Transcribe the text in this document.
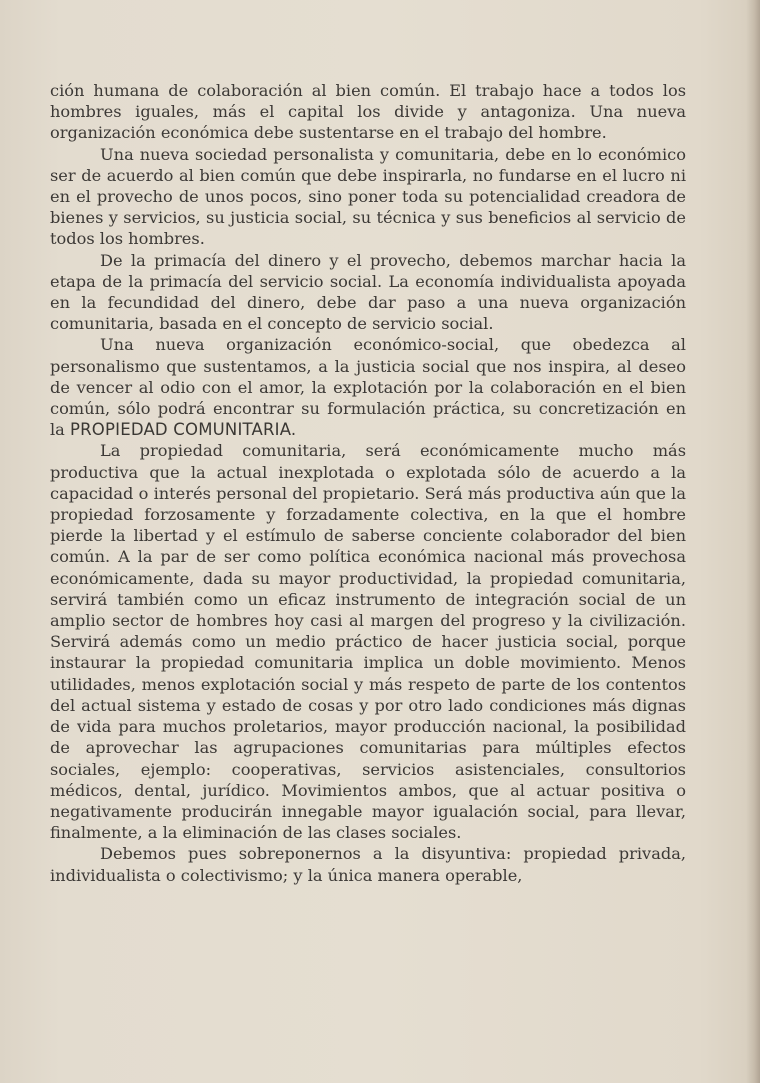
ción humana de colaboración al bien común. El trabajo hace a todos los hombres iguales, más el capital los divide y antagoniza. Una nueva organización económica debe sustentarse en el trabajo del hombre.

Una nueva sociedad personalista y comunitaria, debe en lo económico ser de acuerdo al bien común que debe inspirarla, no fundarse en el lucro ni en el provecho de unos pocos, sino poner toda su potencialidad creadora de bienes y servicios, su justicia social, su técnica y sus beneficios al servicio de todos los hombres.

De la primacía del dinero y el provecho, debemos marchar hacia la etapa de la primacía del servicio social. La economía individualista apoyada en la fecundidad del dinero, debe dar paso a una nueva organización comunitaria, basada en el concepto de servicio social.

Una nueva organización económico-social, que obedezca al personalismo que sustentamos, a la justicia social que nos inspira, al deseo de vencer al odio con el amor, la explotación por la colaboración en el bien común, sólo podrá encontrar su formulación práctica, su concretización en la PROPIEDAD COMUNITARIA.

La propiedad comunitaria, será económicamente mucho más productiva que la actual inexplotada o explotada sólo de acuerdo a la capacidad o interés personal del propietario. Será más productiva aún que la propiedad forzosamente y forzadamente colectiva, en la que el hombre pierde la libertad y el estímulo de saberse conciente colaborador del bien común. A la par de ser como política económica nacional más provechosa económicamente, dada su mayor productividad, la propiedad comunitaria, servirá también como un eficaz instrumento de integración social de un amplio sector de hombres hoy casi al margen del progreso y la civilización. Servirá además como un medio práctico de hacer justicia social, porque instaurar la propiedad comunitaria implica un doble movimiento. Menos utilidades, menos explotación social y más respeto de parte de los contentos del actual sistema y estado de cosas y por otro lado condiciones más dignas de vida para muchos proletarios, mayor producción nacional, la posibilidad de aprovechar las agrupaciones comunitarias para múltiples efectos sociales, ejemplo: cooperativas, servicios asistenciales, consultorios médicos, dental, jurídico. Movimientos ambos, que al actuar positiva o negativamente producirán innegable mayor igualación social, para llevar, finalmente, a la eliminación de las clases sociales.

Debemos pues sobreponernos a la disyuntiva: propiedad privada, individualista o colectivismo; y la única manera operable,
